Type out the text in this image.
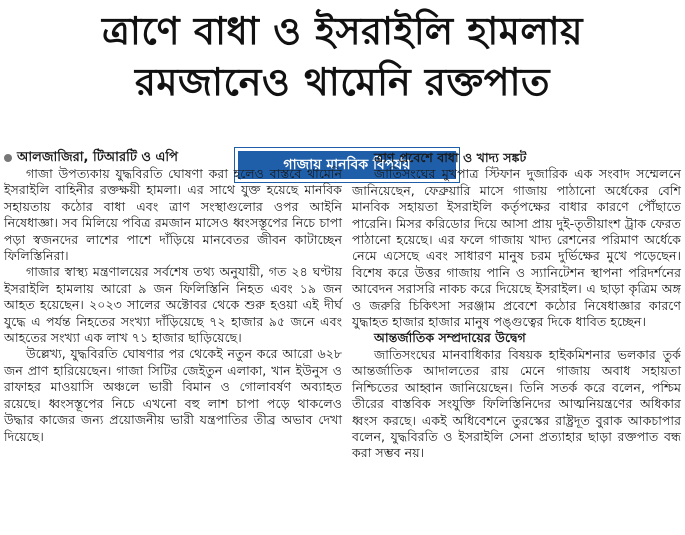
ত্রাণে বাধা ও ইসরাইলি হামলায়
রমজানেও থামেনি রক্তপাত
গাজায় মানবিক বিপর্যয়
আলজাজিরা, টিআরটি ও এপি

গাজা উপত্যকায় যুদ্ধবিরতি ঘোষণা করা হলেও বাস্তবে থামেনি ইসরাইলি বাহিনীর রক্তক্ষয়ী হামলা। এর সাথে যুক্ত হয়েছে মানবিক সহায়তায় কঠোর বাধা এবং ত্রাণ সংস্থাগুলোর ওপর আইনি নিষেধাজ্ঞা। সব মিলিয়ে পবিত্র রমজান মাসেও ধ্বংসস্তূপের নিচে চাপা পড়া স্বজনদের লাশের পাশে দাঁড়িয়ে মানবেতর জীবন কাটাচ্ছেন ফিলিস্তিনিরা।

গাজার স্বাস্থ্য মন্ত্রণালয়ের সর্বশেষ তথ্য অনুযায়ী, গত ২৪ ঘণ্টায় ইসরাইলি হামলায় আরো ৯ জন ফিলিস্তিনি নিহত এবং ১৯ জন আহত হয়েছেন। ২০২৩ সালের অক্টোবর থেকে শুরু হওয়া এই দীর্ঘ যুদ্ধে এ পর্যন্ত নিহতের সংখ্যা দাঁড়িয়েছে ৭২ হাজার ৯৫ জনে এবং আহতের সংখ্যা এক লাখ ৭১ হাজার ছাড়িয়েছে।

উল্লেখ্য, যুদ্ধবিরতি ঘোষণার পর থেকেই নতুন করে আরো ৬২৮ জন প্রাণ হারিয়েছেন। গাজা সিটির জেইতুন এলাকা, খান ইউনুস ও রাফাহর মাওয়াসি অঞ্চলে ভারী বিমান ও গোলাবর্ষণ অব্যাহত রয়েছে। ধ্বংসস্তূপের নিচে এখনো বহু লাশ চাপা পড়ে থাকলেও উদ্ধার কাজের জন্য প্রয়োজনীয় ভারী যন্ত্রপাতির তীব্র অভাব দেখা দিয়েছে।

ত্রাণ প্রবেশে বাধা ও খাদ্য সঙ্কট

জাতিসংঘের মুখপাত্র স্টিফান দুজারিক এক সংবাদ সম্মেলনে জানিয়েছেন, ফেব্রুয়ারি মাসে গাজায় পাঠানো অর্ধেকের বেশি মানবিক সহায়তা ইসরাইলি কর্তৃপক্ষের বাধার কারণে পৌঁছাতে পারেনি। মিসর করিডোর দিয়ে আসা প্রায় দুই-তৃতীয়াংশ ট্রাক ফেরত পাঠানো হয়েছে। এর ফলে গাজায় খাদ্য রেশনের পরিমাণ অর্ধেকে নেমে এসেছে এবং সাধারণ মানুষ চরম দুর্ভিক্ষের মুখে পড়েছেন। বিশেষ করে উত্তর গাজায় পানি ও স্যানিটেশন স্থাপনা পরিদর্শনের আবেদন সরাসরি নাকচ করে দিয়েছে ইসরাইল। এ ছাড়া কৃত্রিম অঙ্গ ও জরুরি চিকিৎসা সরঞ্জাম প্রবেশে কঠোর নিষেধাজ্ঞার কারণে যুদ্ধাহত হাজার হাজার মানুষ পঙ্গুত্বের দিকে ধাবিত হচ্ছেন।

আন্তর্জাতিক সম্প্রদায়ের উদ্বেগ

জাতিসংঘের মানবাধিকার বিষয়ক হাইকমিশনার ভলকার তুর্ক আন্তর্জাতিক আদালতের রায় মেনে গাজায় অবাধ সহায়তা নিশ্চিতের আহ্বান জানিয়েছেন। তিনি সতর্ক করে বলেন, পশ্চিম তীরের বাস্তবিক সংযুক্তি ফিলিস্তিনিদের আত্মনিয়ন্ত্রণের অধিকার ধ্বংস করছে। একই অধিবেশনে তুরস্কের রাষ্ট্রদূত বুরাক আকচাপার বলেন, যুদ্ধবিরতি ও ইসরাইলি সেনা প্রত্যাহার ছাড়া রক্তপাত বন্ধ করা সম্ভব নয়।
